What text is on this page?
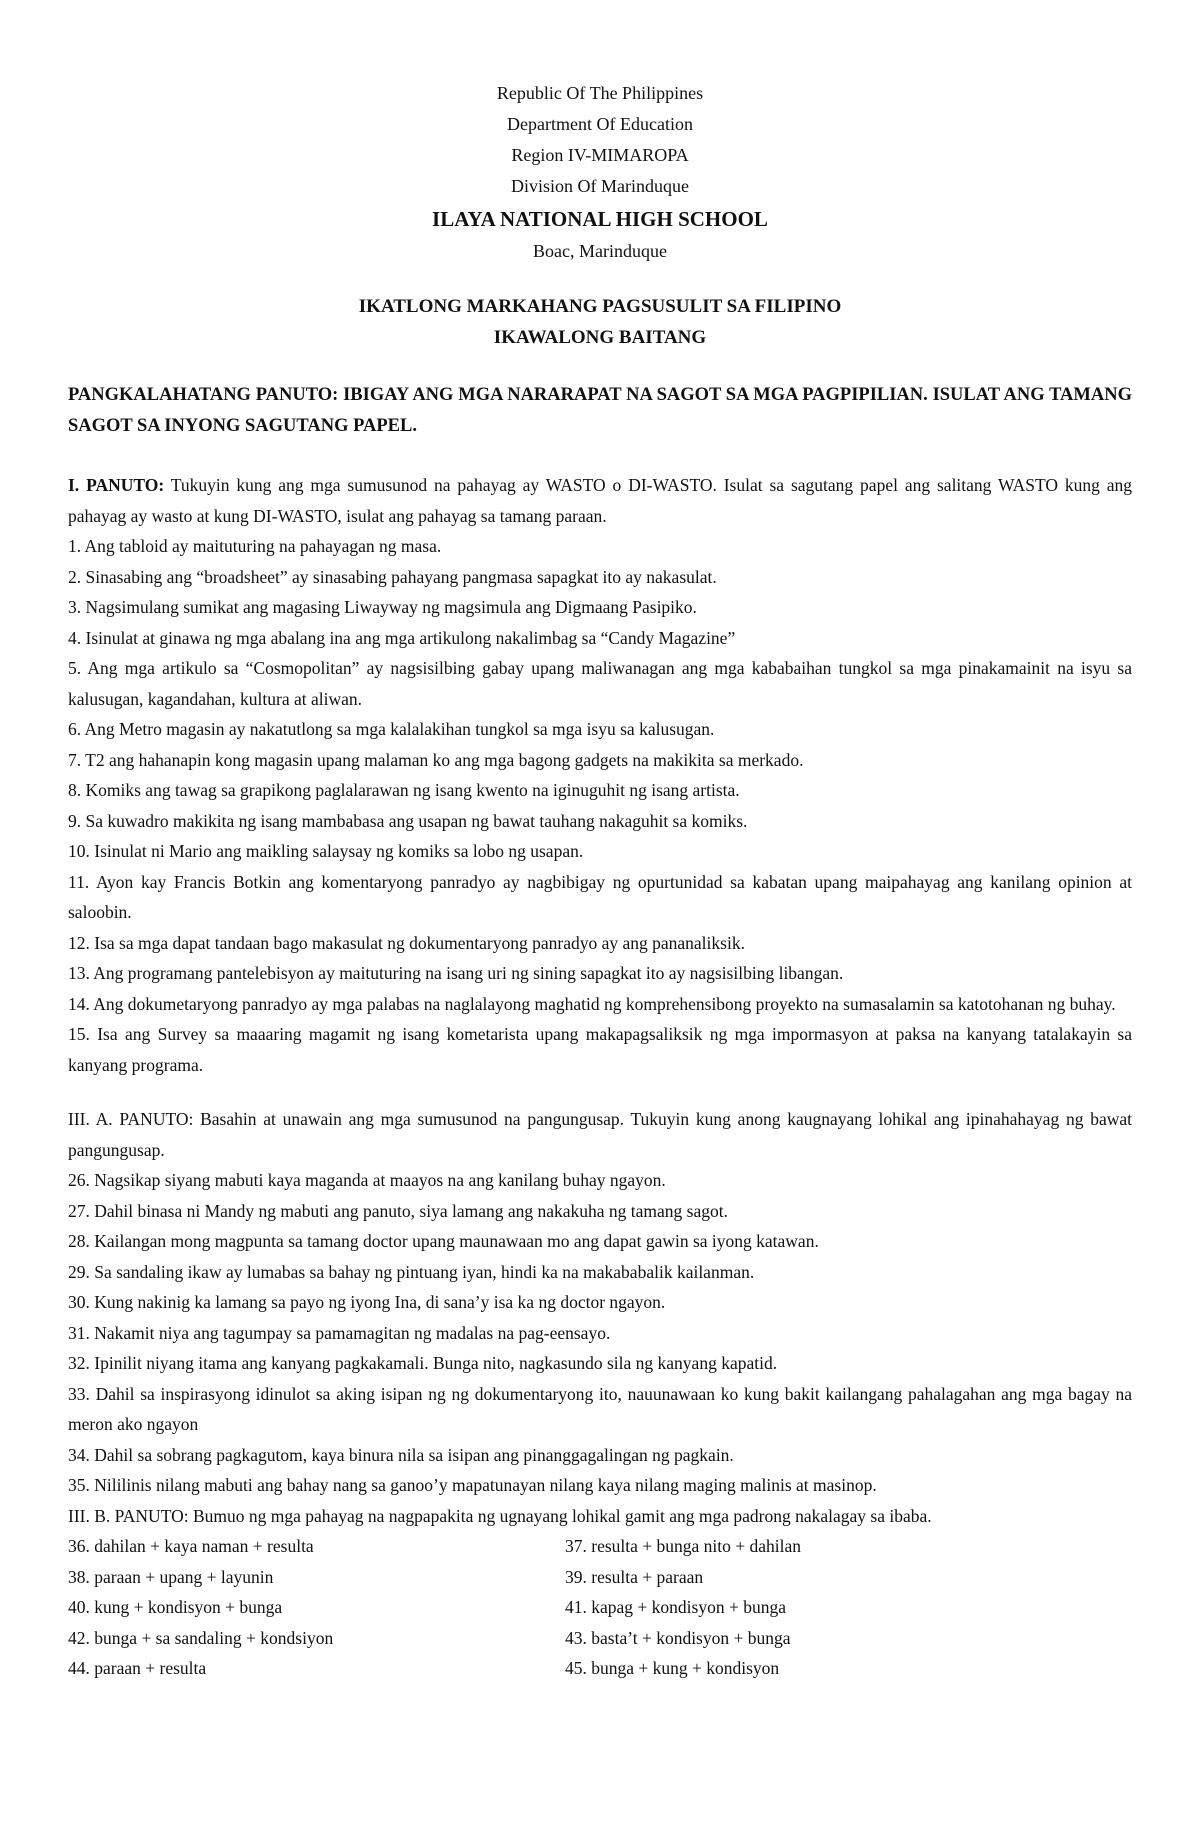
Republic Of The Philippines
Department Of Education
Region IV-MIMAROPA
Division Of Marinduque
ILAYA NATIONAL HIGH SCHOOL
Boac, Marinduque
IKATLONG MARKAHANG PAGSUSULIT SA FILIPINO
IKAWALONG BAITANG
PANGKALAHATANG PANUTO: IBIGAY ANG MGA NARARAPAT NA SAGOT SA MGA PAGPIPILIAN. ISULAT ANG TAMANG SAGOT SA INYONG SAGUTANG PAPEL.

I. PANUTO: Tukuyin kung ang mga sumusunod na pahayag ay WASTO o DI-WASTO. Isulat sa sagutang papel ang salitang WASTO kung ang pahayag ay wasto at kung DI-WASTO, isulat ang pahayag sa tamang paraan.

1. Ang tabloid ay maituturing na pahayagan ng masa.

2. Sinasabing ang “broadsheet” ay sinasabing pahayang pangmasa sapagkat ito ay nakasulat.

3. Nagsimulang sumikat ang magasing Liwayway ng magsimula ang Digmaang Pasipiko.

4. Isinulat at ginawa ng mga abalang ina ang mga artikulong nakalimbag sa “Candy Magazine”

5. Ang mga artikulo sa “Cosmopolitan” ay nagsisilbing gabay upang maliwanagan ang mga kababaihan tungkol sa mga pinakamainit na isyu sa kalusugan, kagandahan, kultura at aliwan.

6. Ang Metro magasin ay nakatutlong sa mga kalalakihan tungkol sa mga isyu sa kalusugan.

7. T2 ang hahanapin kong magasin upang malaman ko ang mga bagong gadgets na makikita sa merkado.

8. Komiks ang tawag sa grapikong paglalarawan ng isang kwento na iginuguhit ng isang artista.

9. Sa kuwadro makikita ng isang mambabasa ang usapan ng bawat tauhang nakaguhit sa komiks.

10. Isinulat ni Mario ang maikling salaysay ng komiks sa lobo ng usapan.

11. Ayon kay Francis Botkin ang komentaryong panradyo ay nagbibigay ng opurtunidad sa kabatan upang maipahayag ang kanilang opinion at saloobin.

12. Isa sa mga dapat tandaan bago makasulat ng dokumentaryong panradyo ay ang pananaliksik.

13. Ang programang pantelebisyon ay maituturing na isang uri ng sining sapagkat ito ay nagsisilbing libangan.

14. Ang dokumetaryong panradyo ay mga palabas na naglalayong maghatid ng komprehensibong proyekto na sumasalamin sa katotohanan ng buhay.

15. Isa ang Survey sa maaaring magamit ng isang kometarista upang makapagsaliksik ng mga impormasyon at paksa na kanyang tatalakayin sa kanyang programa.

III. A. PANUTO: Basahin at unawain ang mga sumusunod na pangungusap. Tukuyin kung anong kaugnayang lohikal ang ipinahahayag ng bawat pangungusap.

26. Nagsikap siyang mabuti kaya maganda at maayos na ang kanilang buhay ngayon.

27. Dahil binasa ni Mandy ng mabuti ang panuto, siya lamang ang nakakuha ng tamang sagot.

28. Kailangan mong magpunta sa tamang doctor upang maunawaan mo ang dapat gawin sa iyong katawan.

29. Sa sandaling ikaw ay lumabas sa bahay ng pintuang iyan, hindi ka na makababalik kailanman.

30. Kung nakinig ka lamang sa payo ng iyong Ina, di sana’y isa ka ng doctor ngayon.

31. Nakamit niya ang tagumpay sa pamamagitan ng madalas na pag-eensayo.

32. Ipinilit niyang itama ang kanyang pagkakamali. Bunga nito, nagkasundo sila ng kanyang kapatid.

33. Dahil sa inspirasyong idinulot sa aking isipan ng ng dokumentaryong ito, nauunawaan ko kung bakit kailangang pahalagahan ang mga bagay na meron ako ngayon

34. Dahil sa sobrang pagkagutom, kaya binura nila sa isipan ang pinanggagalingan ng pagkain.

35. Nililinis nilang mabuti ang bahay nang sa ganoo’y mapatunayan nilang kaya nilang maging malinis at masinop.

III. B. PANUTO: Bumuo ng mga pahayag na nagpapakita ng ugnayang lohikal gamit ang mga padrong nakalagay sa ibaba.

36. dahilan + kaya naman + resulta	37. resulta + bunga nito + dahilan
38. paraan + upang + layunin	39. resulta + paraan
40. kung + kondisyon + bunga	41. kapag + kondisyon + bunga
42. bunga + sa sandaling + kondsiyon	43. basta’t + kondisyon + bunga
44. paraan + resulta	45. bunga + kung + kondisyon
